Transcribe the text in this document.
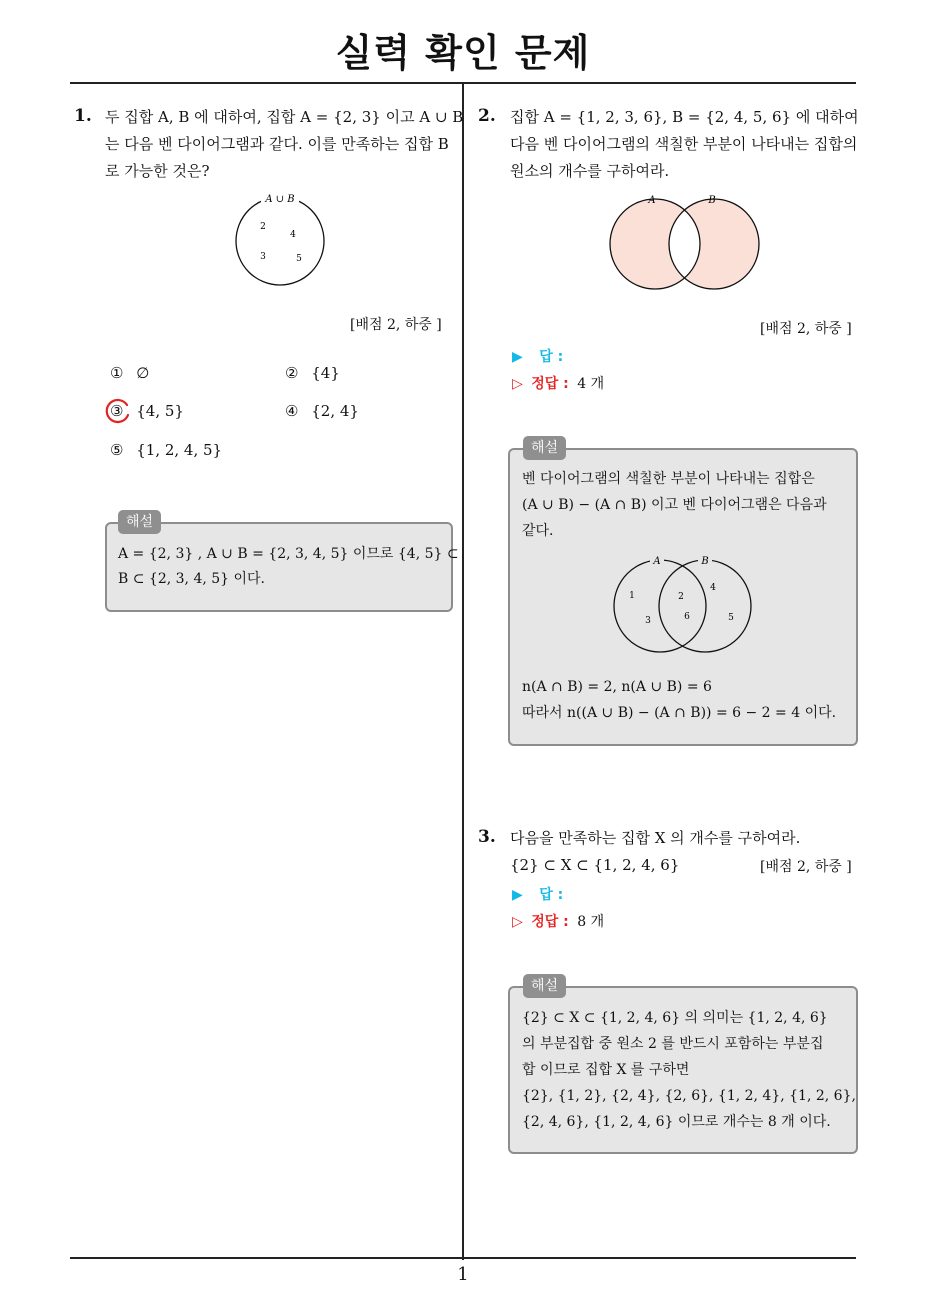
실력 확인 문제
1. 두 집합 A, B 에 대하여, 집합 A = {2, 3} 이고 A ∪ B
는 다음 벤 다이어그램과 같다. 이를 만족하는 집합 B
로 가능한 것은?
A ∪ B
2
4
3	5
[배점 2, 하중 ]
① ∅	② {4}
③ {4, 5}	④ {2, 4}
⑤ {1, 2, 4, 5}
해설
A = {2, 3} , A ∪ B = {2, 3, 4, 5} 이므로 {4, 5} ⊂
B ⊂ {2, 3, 4, 5} 이다.
2. 집합 A = {1, 2, 3, 6}, B = {2, 4, 5, 6} 에 대하여
다음 벤 다이어그램의 색칠한 부분이 나타내는 집합의
원소의 개수를 구하여라.
A	B
[배점 2, 하중 ]
▶ 답 :
▷ 정답 : 4 개
해설
벤 다이어그램의 색칠한 부분이 나타내는 집합은
(A ∪ B) − (A ∩ B) 이고 벤 다이어그램은 다음과
같다.
A	B
1
3
2
6
4
5
n(A ∩ B) = 2, n(A ∪ B) = 6
따라서 n((A ∪ B) − (A ∩ B)) = 6 − 2 = 4 이다.
3. 다음을 만족하는 집합 X 의 개수를 구하여라.
{2} ⊂ X ⊂ {1, 2, 4, 6}	[배점 2, 하중 ]
▶ 답 :
▷ 정답 : 8 개
해설
{2} ⊂ X ⊂ {1, 2, 4, 6} 의 의미는 {1, 2, 4, 6}
의 부분집합 중 원소 2 를 반드시 포함하는 부분집
합 이므로 집합 X 를 구하면
{2}, {1, 2}, {2, 4}, {2, 6}, {1, 2, 4}, {1, 2, 6},
{2, 4, 6}, {1, 2, 4, 6} 이므로 개수는 8 개 이다.
1
